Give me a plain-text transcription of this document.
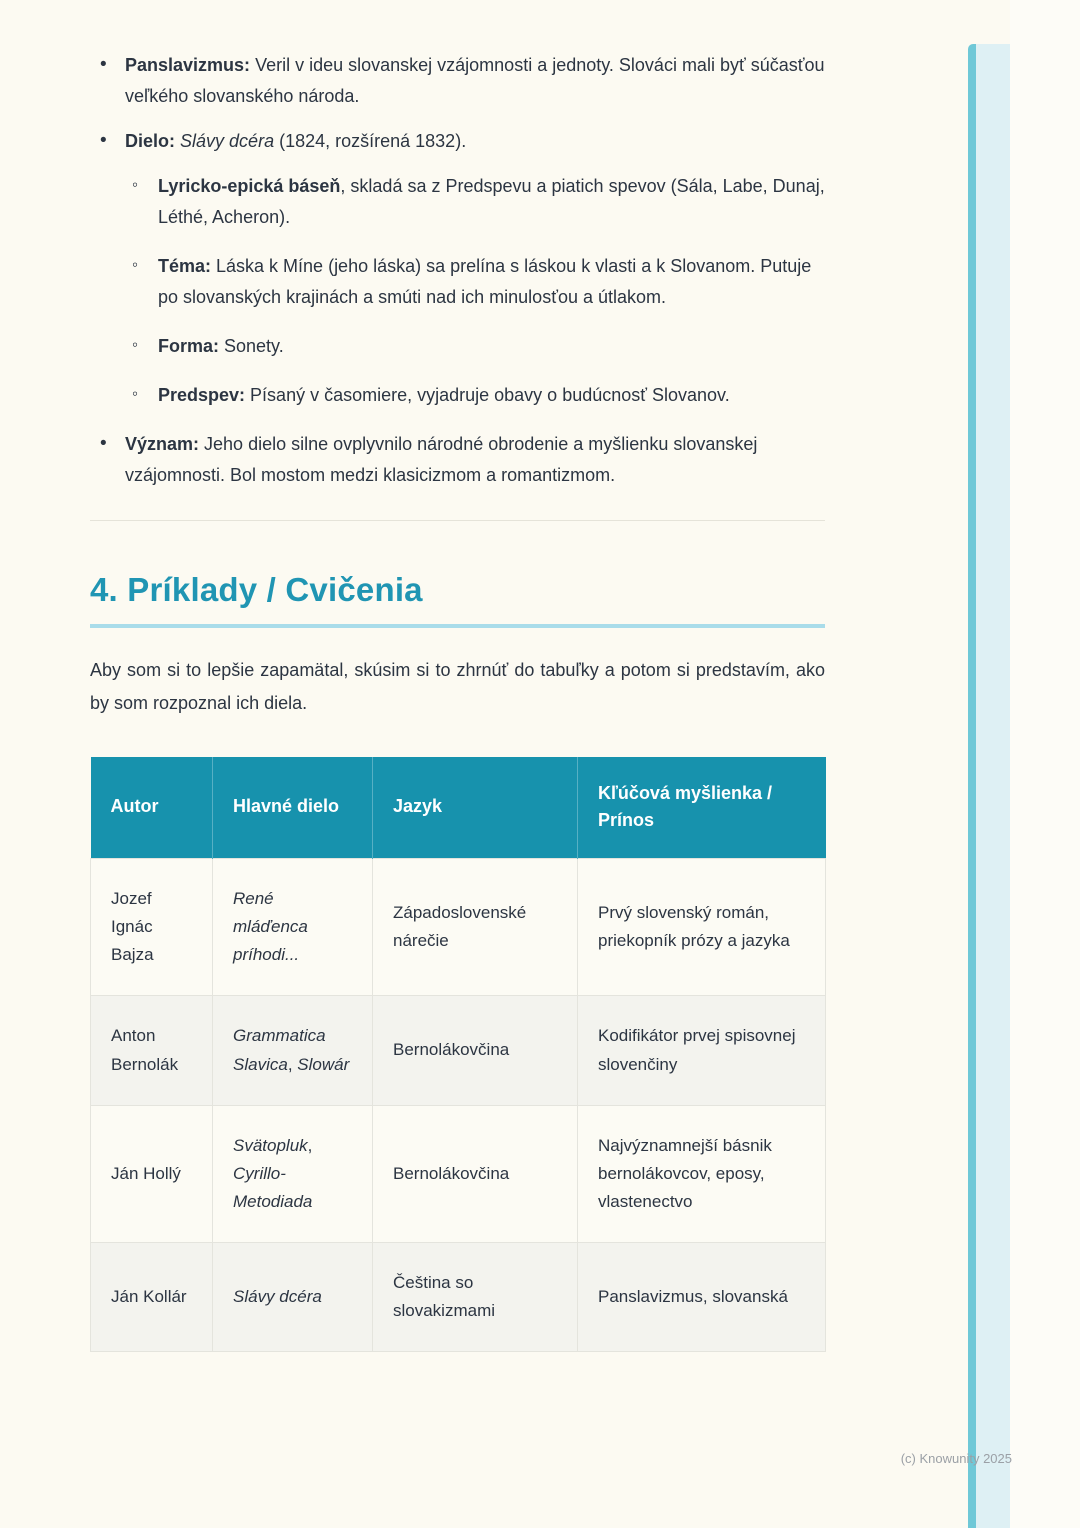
• Panslavizmus: Veril v ideu slovanskej vzájomnosti a jednoty. Slováci mali byť súčasťou veľkého slovanského národa.
• Dielo: Slávy dcéra (1824, rozšírená 1832).
◦ Lyricko-epická báseň, skladá sa z Predspevu a piatich spevov (Sála, Labe, Dunaj, Léthé, Acheron).
◦ Téma: Láska k Míne (jeho láska) sa prelína s láskou k vlasti a k Slovanom. Putuje po slovanských krajinách a smúti nad ich minulosťou a útlakom.
◦ Forma: Sonety.
◦ Predspev: Písaný v časomiere, vyjadruje obavy o budúcnosť Slovanov.
• Význam: Jeho dielo silne ovplyvnilo národné obrodenie a myšlienku slovanskej vzájomnosti. Bol mostom medzi klasicizmom a romantizmom.
4. Príklady / Cvičenia

Aby som si to lepšie zapamätal, skúsim si to zhrnúť do tabuľky a potom si predstavím, ako by som rozpoznal ich diela.

Autor	Hlavné dielo	Jazyk	Kľúčová myšlienka / Prínos
Jozef Ignác Bajza	René mláďenca príhodi...	Západoslovenské nárečie	Prvý slovenský román, priekopník prózy a jazyka
Anton Bernolák	Grammatica Slavica, Slowár	Bernolákovčina	Kodifikátor prvej spisovnej slovenčiny
Ján Hollý	Svätopluk, Cyrillo-Metodiada	Bernolákovčina	Najvýznamnejší básnik bernolákovcov, eposy, vlastenectvo
Ján Kollár	Slávy dcéra	Čeština so slovakizmami	Panslavizmus, slovanská
(c) Knowunity 2025
